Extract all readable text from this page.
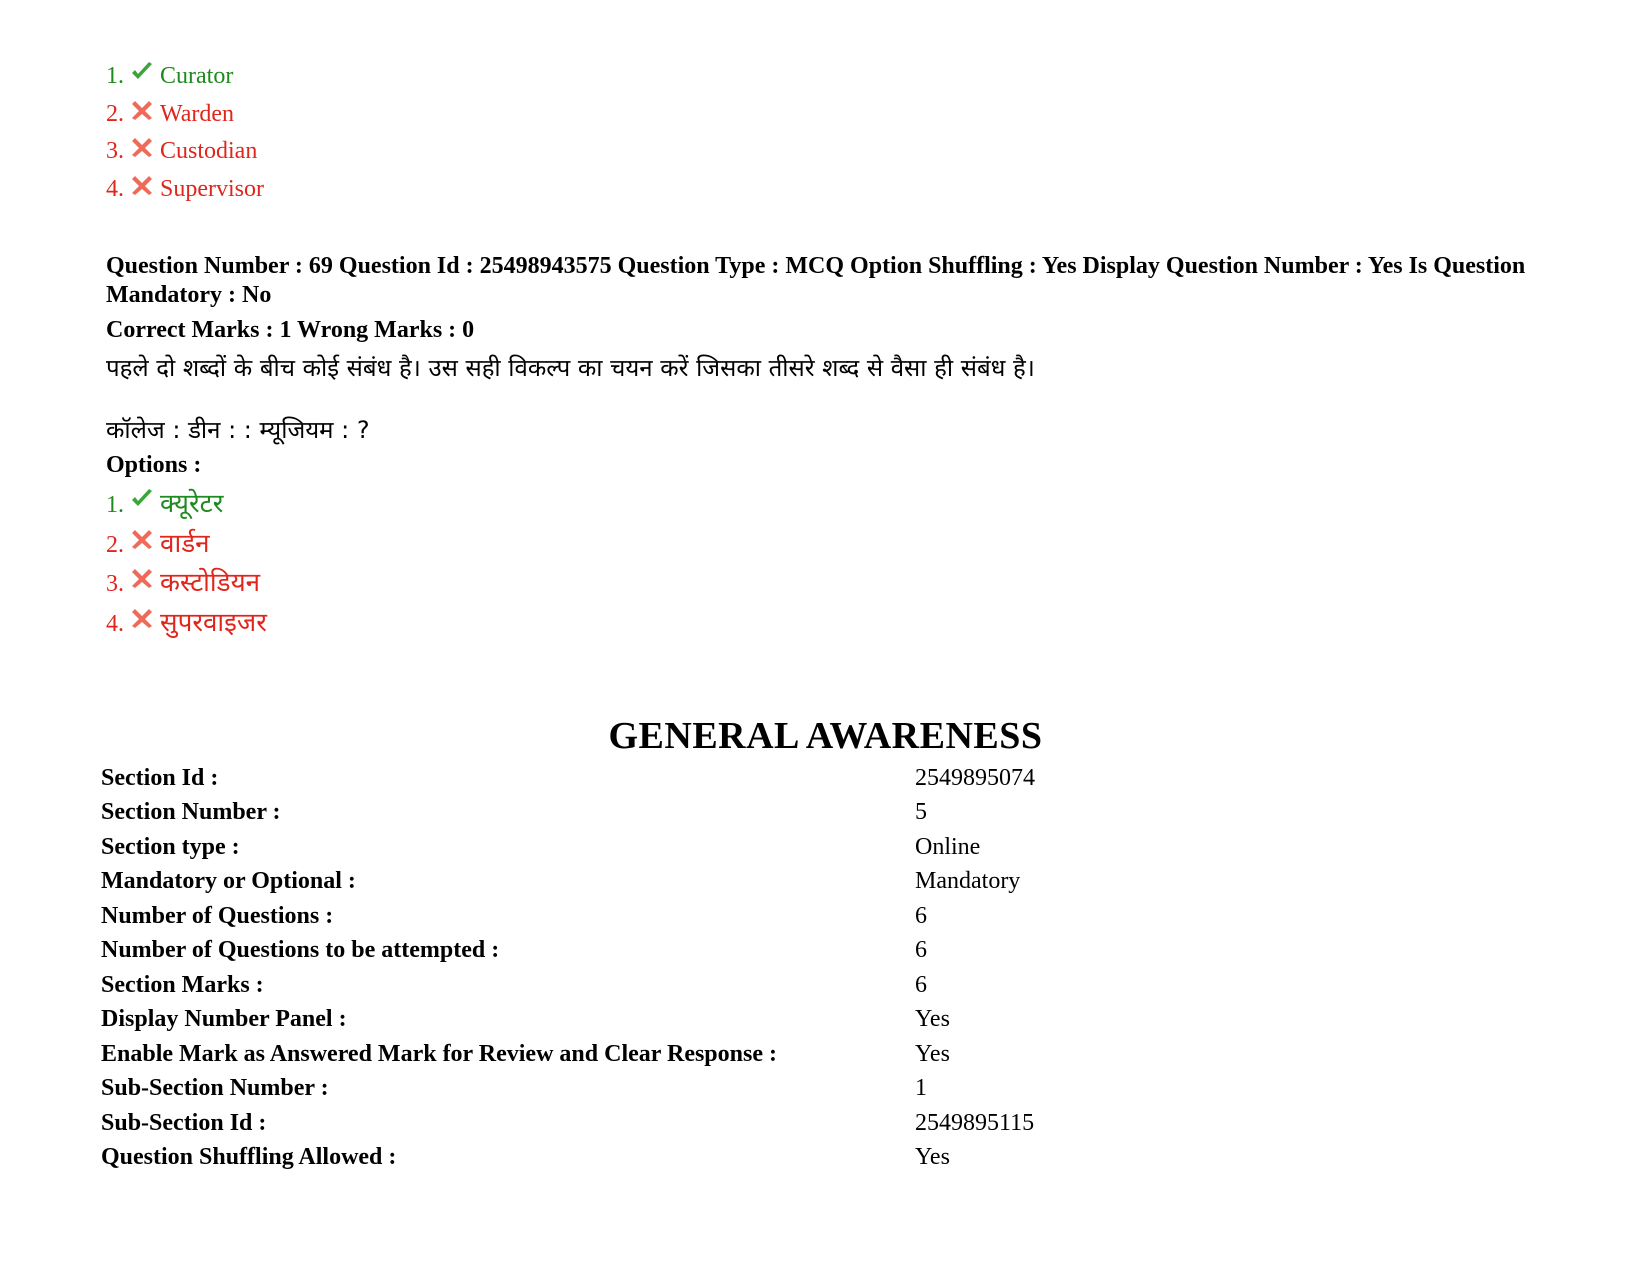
1. Curator
2. Warden
3. Custodian
4. Supervisor
Question Number : 69 Question Id : 25498943575 Question Type : MCQ Option Shuffling : Yes Display Question Number : Yes Is Question Mandatory : No
Correct Marks : 1 Wrong Marks : 0
पहले दो शब्दों के बीच कोई संबंध है। उस सही विकल्प का चयन करें जिसका तीसरे शब्द से वैसा ही संबंध है।
कॉलेज : डीन : : म्यूजियम : ?
Options :
1. क्यूरेटर
2. वार्डन
3. कस्टोडियन
4. सुपरवाइजर
GENERAL AWARENESS
Section Id :	2549895074
Section Number :	5
Section type :	Online
Mandatory or Optional :	Mandatory
Number of Questions :	6
Number of Questions to be attempted :	6
Section Marks :	6
Display Number Panel :	Yes
Enable Mark as Answered Mark for Review and Clear Response :	Yes
Sub-Section Number :	1
Sub-Section Id :	2549895115
Question Shuffling Allowed :	Yes
